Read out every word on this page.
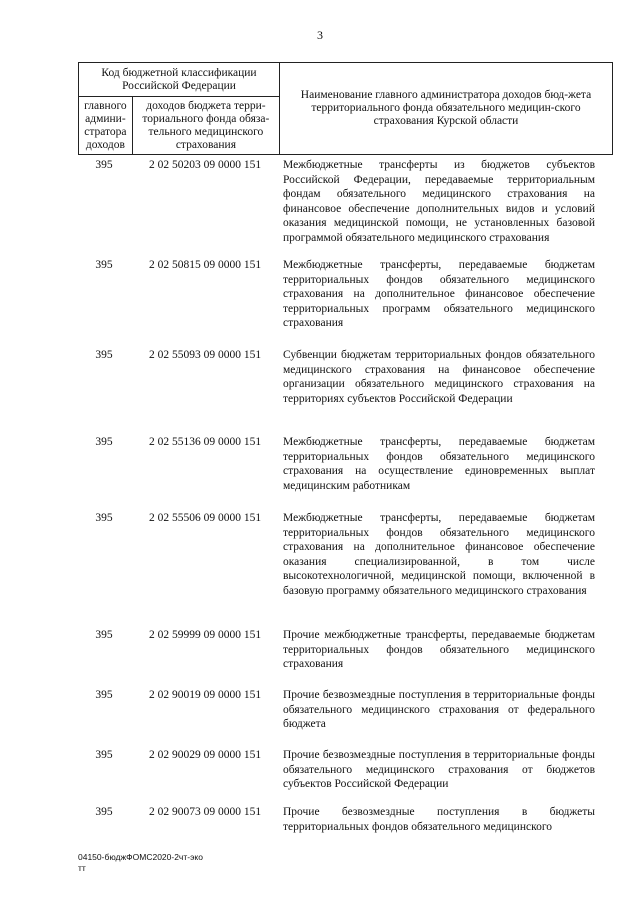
3
Код бюджетной классификации Российской Федерации		Наименование главного администратора доходов бюд-жета территориального фонда обязательного медицин-ского страхования Курской области
главного админи-стратора доходов	доходов бюджета терри-ториального фонда обяза-тельного медицинского страхования	
395	2 02 50203 09 0000 151	Межбюджетные трансферты из бюджетов субъектов Российской Федерации, передаваемые территориальным фондам обязательного медицинского страхования на финансовое обеспечение дополнительных видов и условий оказания медицинской помощи, не установленных базовой программой обязательного медицинского страхования
395	2 02 50815 09 0000 151	Межбюджетные трансферты, передаваемые бюджетам территориальных фондов обязательного медицинского страхования на дополнительное финансовое обеспечение территориальных программ обязательного медицинского страхования
395	2 02 55093 09 0000 151	Субвенции бюджетам территориальных фондов обязательного медицинского страхования на финансовое обеспечение организации обязательного медицинского страхования на территориях субъектов Российской Федерации
395	2 02 55136 09 0000 151	Межбюджетные трансферты, передаваемые бюджетам территориальных фондов обязательного медицинского страхования на осуществление единовременных выплат медицинским работникам
395	2 02 55506 09 0000 151	Межбюджетные трансферты, передаваемые бюджетам территориальных фондов обязательного медицинского страхования на дополнительное финансовое обеспечение оказания специализированной, в том числе высокотехнологичной, медицинской помощи, включенной в базовую программу обязательного медицинского страхования
395	2 02 59999 09 0000 151	Прочие межбюджетные трансферты, передаваемые бюджетам территориальных фондов обязательного медицинского страхования
395	2 02 90019 09 0000 151	Прочие безвозмездные поступления в территориальные фонды обязательного медицинского страхования от федерального бюджета
395	2 02 90029 09 0000 151	Прочие безвозмездные поступления в территориальные фонды обязательного медицинского страхования от бюджетов субъектов Российской Федерации
395	2 02 90073 09 0000 151	Прочие безвозмездные поступления в бюджеты территориальных фондов обязательного медицинского
04150-бюджФОМС2020-2чт-эко
тт
